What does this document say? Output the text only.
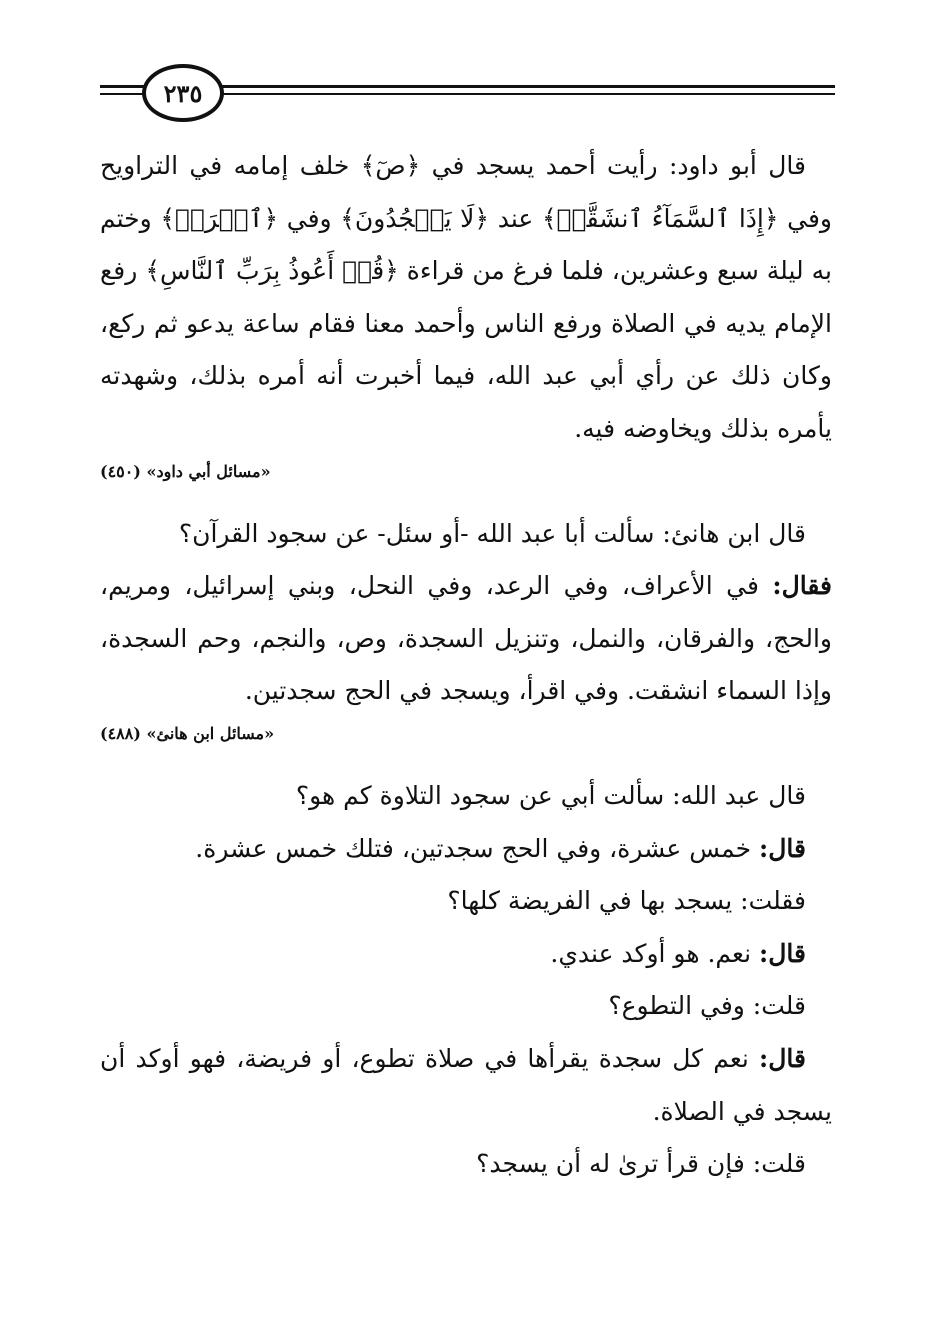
٢٣٥

قال أبو داود: رأيت أحمد يسجد في ﴿صٓ﴾ خلف إمامه في التراويح وفي ﴿إِذَا ٱلسَّمَآءُ ٱنشَقَّتۡ﴾ عند ﴿لَا يَسۡجُدُونَ﴾ وفي ﴿ٱقۡرَأۡ﴾ وختم به ليلة سبع وعشرين، فلما فرغ من قراءة ﴿قُلۡ أَعُوذُ بِرَبِّ ٱلنَّاسِ﴾ رفع الإمام يديه في الصلاة ورفع الناس وأحمد معنا فقام ساعة يدعو ثم ركع، وكان ذلك عن رأي أبي عبد الله، فيما أخبرت أنه أمره بذلك، وشهدته يأمره بذلك ويخاوضه فيه.

«مسائل أبي داود» (٤٥٠)

قال ابن هانئ: سألت أبا عبد الله -أو سئل- عن سجود القرآن؟

فقال: في الأعراف، وفي الرعد، وفي النحل، وبني إسرائيل، ومريم، والحج، والفرقان، والنمل، وتنزيل السجدة، وص، والنجم، وحم السجدة، وإذا السماء انشقت. وفي اقرأ، ويسجد في الحج سجدتين.

«مسائل ابن هانئ» (٤٨٨)

قال عبد الله: سألت أبي عن سجود التلاوة كم هو؟

قال: خمس عشرة، وفي الحج سجدتين، فتلك خمس عشرة.

فقلت: يسجد بها في الفريضة كلها؟

قال: نعم. هو أوكد عندي.

قلت: وفي التطوع؟

قال: نعم كل سجدة يقرأها في صلاة تطوع، أو فريضة، فهو أوكد أن يسجد في الصلاة.

قلت: فإن قرأ ترىٰ له أن يسجد؟
